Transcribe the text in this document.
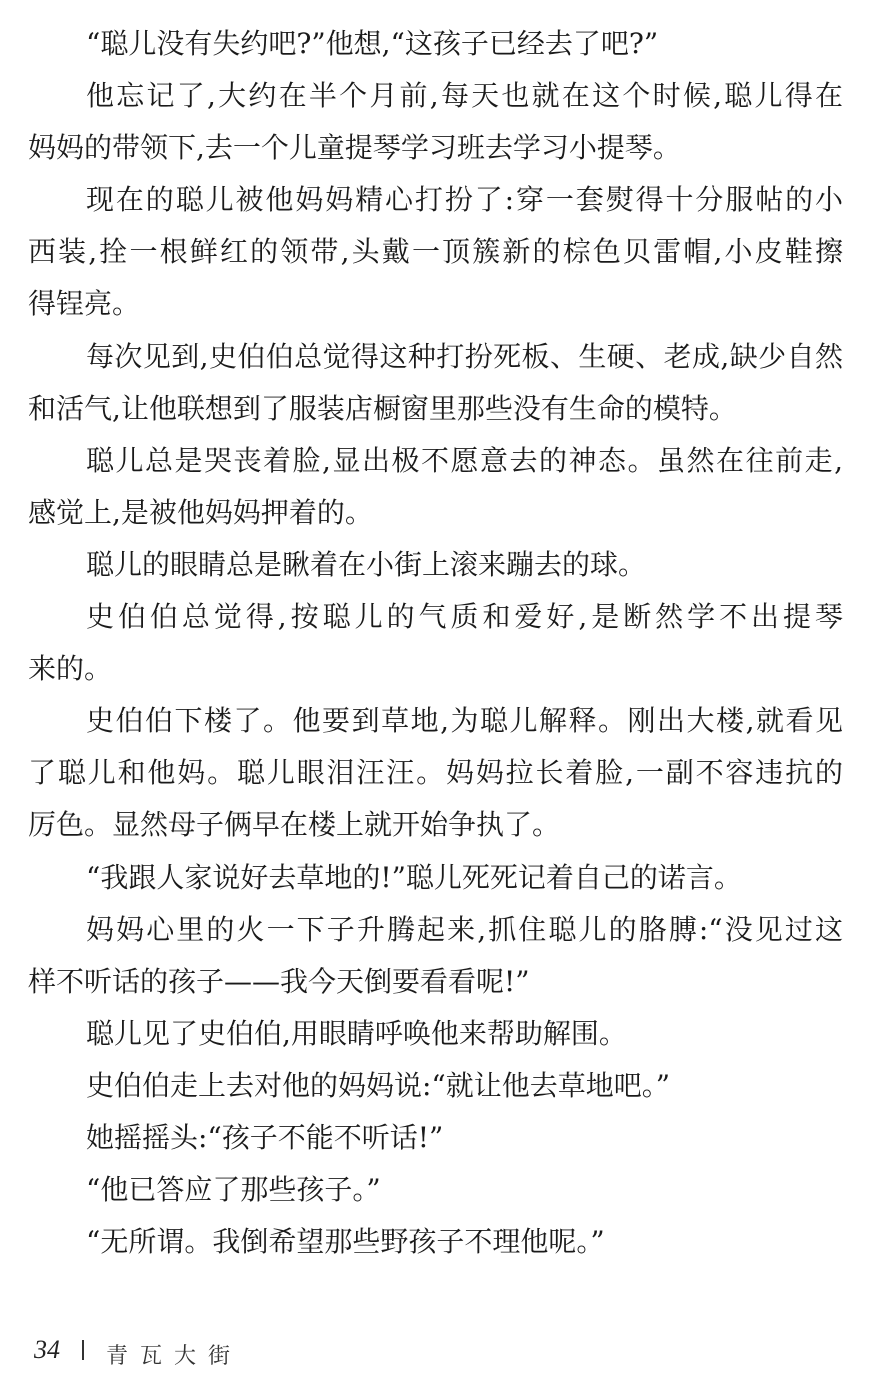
“聪儿没有失约吧?”他想,“这孩子已经去了吧?”
他忘记了,大约在半个月前,每天也就在这个时候,聪儿得在
妈妈的带领下,去一个儿童提琴学习班去学习小提琴。
现在的聪儿被他妈妈精心打扮了:穿一套熨得十分服帖的小
西装,拴一根鲜红的领带,头戴一顶簇新的棕色贝雷帽,小皮鞋擦
得锃亮。
每次见到,史伯伯总觉得这种打扮死板、生硬、老成,缺少自然
和活气,让他联想到了服装店橱窗里那些没有生命的模特。
聪儿总是哭丧着脸,显出极不愿意去的神态。虽然在往前走,
感觉上,是被他妈妈押着的。
聪儿的眼睛总是瞅着在小街上滚来蹦去的球。
史伯伯总觉得,按聪儿的气质和爱好,是断然学不出提琴
来的。
史伯伯下楼了。他要到草地,为聪儿解释。刚出大楼,就看见
了聪儿和他妈。聪儿眼泪汪汪。妈妈拉长着脸,一副不容违抗的
厉色。显然母子俩早在楼上就开始争执了。
“我跟人家说好去草地的!”聪儿死死记着自己的诺言。
妈妈心里的火一下子升腾起来,抓住聪儿的胳膊:“没见过这
样不听话的孩子——我今天倒要看看呢!”
聪儿见了史伯伯,用眼睛呼唤他来帮助解围。
史伯伯走上去对他的妈妈说:“就让他去草地吧。”
她摇摇头:“孩子不能不听话!”
“他已答应了那些孩子。”
“无所谓。我倒希望那些野孩子不理他呢。”
34 青瓦大街
